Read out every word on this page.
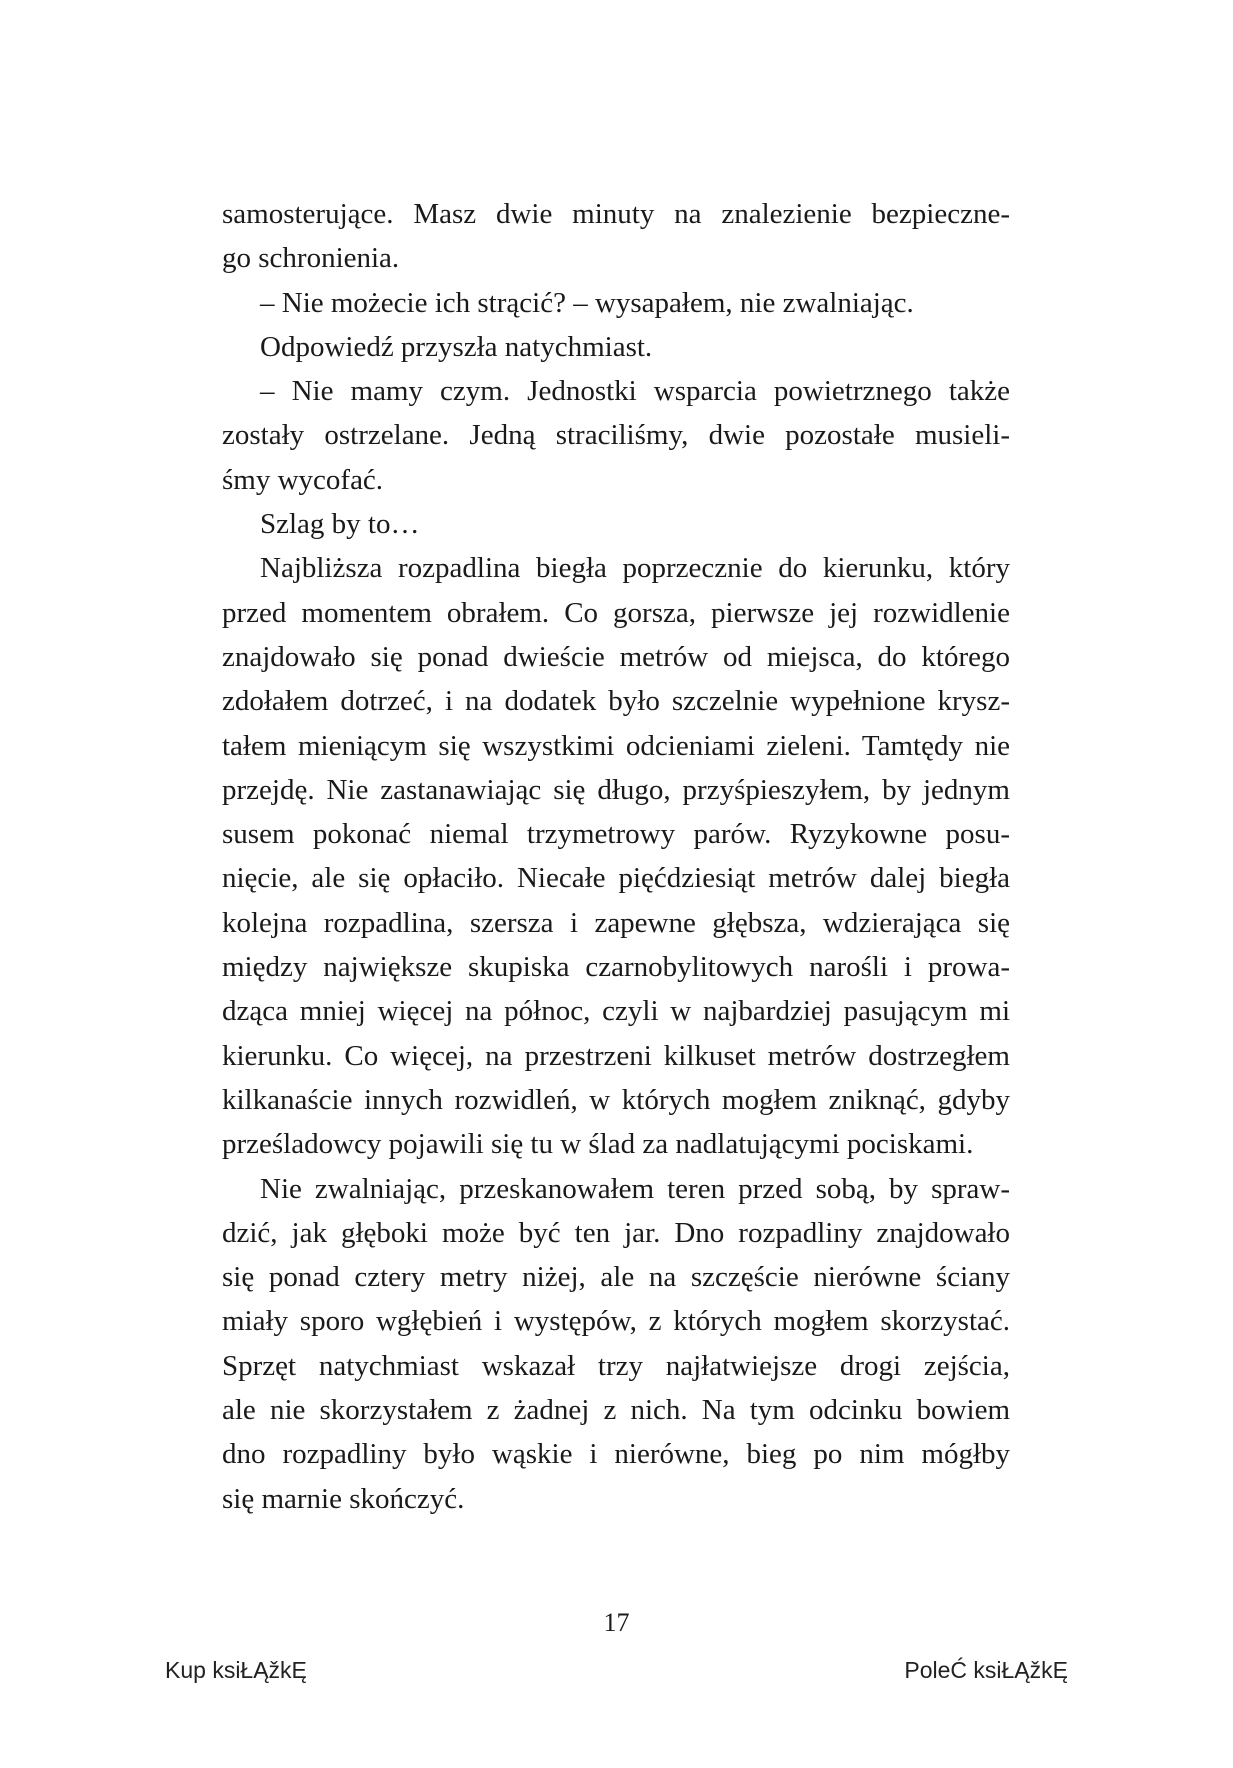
samosterujące. Masz dwie minuty na znalezienie bezpieczne-
go schronienia.
– Nie możecie ich strącić? – wysapałem, nie zwalniając.
Odpowiedź przyszła natychmiast.
– Nie mamy czym. Jednostki wsparcia powietrznego także
zostały ostrzelane. Jedną straciliśmy, dwie pozostałe musieli-
śmy wycofać.
Szlag by to…
Najbliższa rozpadlina biegła poprzecznie do kierunku, który
przed momentem obrałem. Co gorsza, pierwsze jej rozwidlenie
znajdowało się ponad dwieście metrów od miejsca, do którego
zdołałem dotrzeć, i na dodatek było szczelnie wypełnione krysz-
tałem mieniącym się wszystkimi odcieniami zieleni. Tamtędy nie
przejdę. Nie zastanawiając się długo, przyśpieszyłem, by jednym
susem pokonać niemal trzymetrowy parów. Ryzykowne posu-
nięcie, ale się opłaciło. Niecałe pięćdziesiąt metrów dalej biegła
kolejna rozpadlina, szersza i zapewne głębsza, wdzierająca się
między największe skupiska czarnobylitowych narośli i prowa-
dząca mniej więcej na północ, czyli w najbardziej pasującym mi
kierunku. Co więcej, na przestrzeni kilkuset metrów dostrzegłem
kilkanaście innych rozwidleń, w których mogłem zniknąć, gdyby
prześladowcy pojawili się tu w ślad za nadlatującymi pociskami.
Nie zwalniając, przeskanowałem teren przed sobą, by spraw-
dzić, jak głęboki może być ten jar. Dno rozpadliny znajdowało
się ponad cztery metry niżej, ale na szczęście nierówne ściany
miały sporo wgłębień i występów, z których mogłem skorzystać.
Sprzęt natychmiast wskazał trzy najłatwiejsze drogi zejścia,
ale nie skorzystałem z żadnej z nich. Na tym odcinku bowiem
dno rozpadliny było wąskie i nierówne, bieg po nim mógłby
się marnie skończyć.
17
Kup ksiŁĄžkĘ	PoleĆ ksiŁĄžkĘ
